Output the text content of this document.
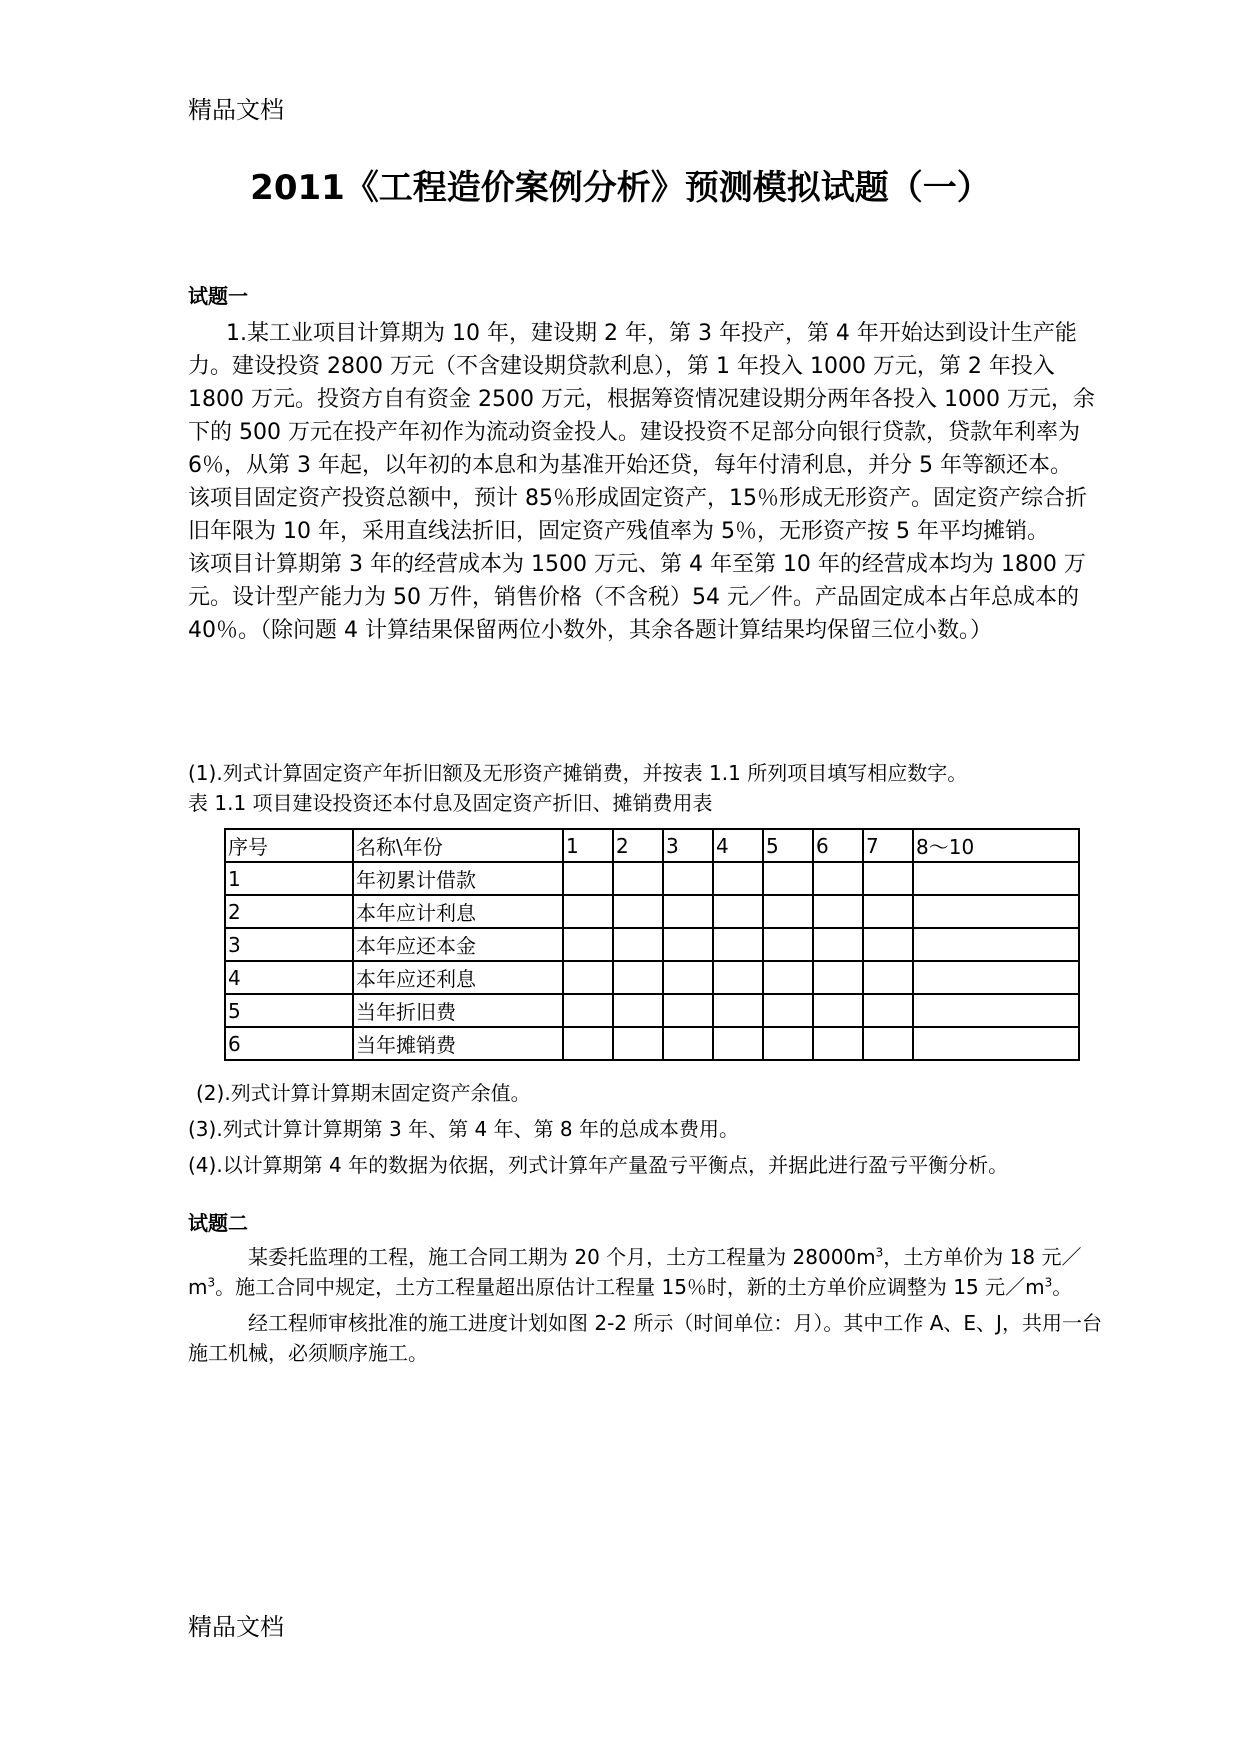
精品文档
2011《工程造价案例分析》预测模拟试题（一）

试题一

1.某工业项目计算期为 10 年，建设期 2 年，第 3 年投产，第 4 年开始达到设计生产能力。建设投资 2800 万元（不含建设期贷款利息），第 1 年投入 1000 万元，第 2 年投入 1800 万元。投资方自有资金 2500 万元，根据筹资情况建设期分两年各投入 1000 万元，余下的 500 万元在投产年初作为流动资金投人。建设投资不足部分向银行贷款，贷款年利率为 6％，从第 3 年起，以年初的本息和为基准开始还贷，每年付清利息，并分 5 年等额还本。

该项目固定资产投资总额中，预计 85％形成固定资产，15％形成无形资产。固定资产综合折旧年限为 10 年，采用直线法折旧，固定资产残值率为 5％，无形资产按 5 年平均摊销。

该项目计算期第 3 年的经营成本为 1500 万元、第 4 年至第 10 年的经营成本均为 1800 万元。设计型产能力为 50 万件，销售价格（不含税）54 元／件。产品固定成本占年总成本的 40％。（除问题 4 计算结果保留两位小数外，其余各题计算结果均保留三位小数。）

(1).列式计算固定资产年折旧额及无形资产摊销费，并按表 1.1 所列项目填写相应数字。

表 1.1 项目建设投资还本付息及固定资产折旧、摊销费用表

序号	名称\年份	1	2	3	4	5	6	7	8～10
1	年初累计借款								
2	本年应计利息								
3	本年应还本金								
4	本年应还利息								
5	当年折旧费								
6	当年摊销费								

(2).列式计算计算期末固定资产余值。

(3).列式计算计算期第 3 年、第 4 年、第 8 年的总成本费用。

(4).以计算期第 4 年的数据为依据，列式计算年产量盈亏平衡点，并据此进行盈亏平衡分析。

试题二

某委托监理的工程，施工合同工期为 20 个月，土方工程量为 $28000m^3$，土方单价为 18 元$/m^3$。施工合同中规定，土方工程量超出原估计工程量 15％时，新的土方单价应调整为 15 元$/m^3$。

经工程师审核批准的施工进度计划如图 2-2 所示（时间单位：月）。其中工作 A、E、J，共用一台施工机械，必须顺序施工。

精品文档
